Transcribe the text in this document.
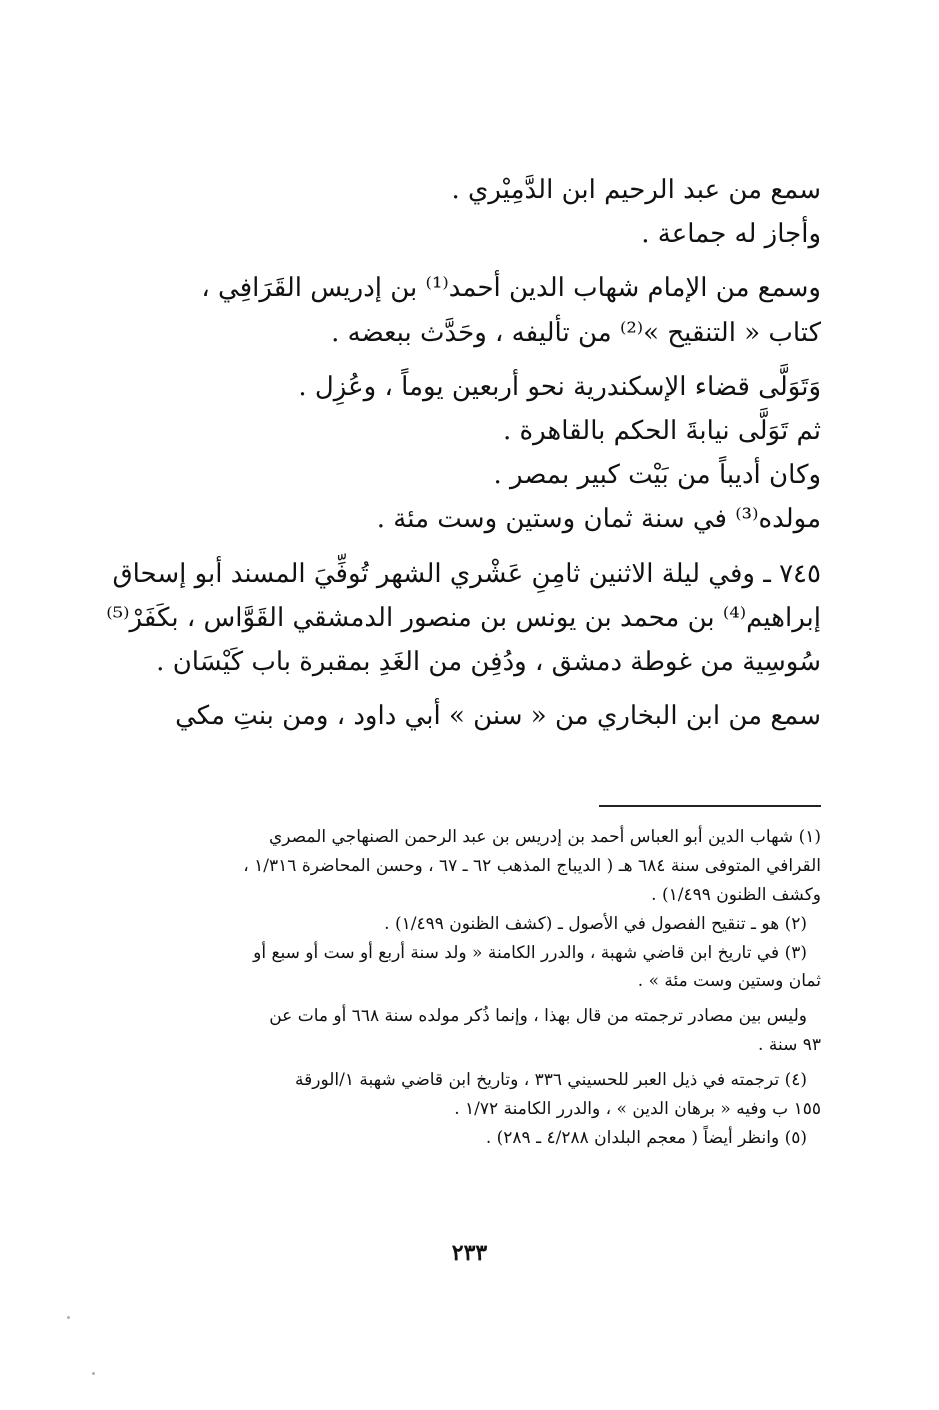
سمع من عبد الرحيم ابن الدَّمِيْري .
وأجاز له جماعة .
وسمع من الإمام شهاب الدين أحمد⁽¹⁾ بن إدريس القَرَافِي ،
كتاب « التنقيح »⁽²⁾ من تأليفه ، وحَدَّث ببعضه .
وَتَوَلَّى قضاء الإسكندرية نحو أربعين يوماً ، وعُزِل .
ثم تَوَلَّى نيابةَ الحكم بالقاهرة .
وكان أديباً من بَيْت كبير بمصر .
مولده⁽³⁾ في سنة ثمان وستين وست مئة .
٧٤٥ ـ وفي ليلة الاثنين ثامِنِ عَشْري الشهر تُوفِّيَ المسند أبو إسحاق
إبراهيم⁽⁴⁾ بن محمد بن يونس بن منصور الدمشقي القَوَّاس ، بكَفَرْ⁽⁵⁾
سُوسِية من غوطة دمشق ، ودُفِن من الغَدِ بمقبرة باب كَيْسَان .
سمع من ابن البخاري من « سنن » أبي داود ، ومن بنتِ مكي
(١) شهاب الدين أبو العباس أحمد بن إدريس بن عبد الرحمن الصنهاجي المصري
القرافي المتوفى سنة ٦٨٤ هـ ( الديباج المذهب ٦٢ ـ ٦٧ ، وحسن المحاضرة ١/٣١٦ ،
وكشف الظنون ١/٤٩٩) .
(٢) هو ـ تنقيح الفصول في الأصول ـ (كشف الظنون ١/٤٩٩) .
(٣) في تاريخ ابن قاضي شهبة ، والدرر الكامنة « ولد سنة أربع أو ست أو سبع أو
ثمان وستين وست مئة » .
وليس بين مصادر ترجمته من قال بهذا ، وإنما ذُكر مولده سنة ٦٦٨ أو مات عن
٩٣ سنة .
(٤) ترجمته في ذيل العبر للحسيني ٣٣٦ ، وتاريخ ابن قاضي شهبة ١/الورقة
١٥٥ ب وفيه « برهان الدين » ، والدرر الكامنة ١/٧٢ .
(٥) وانظر أيضاً ( معجم البلدان ٤/٢٨٨ ـ ٢٨٩) .
٢٣٣
